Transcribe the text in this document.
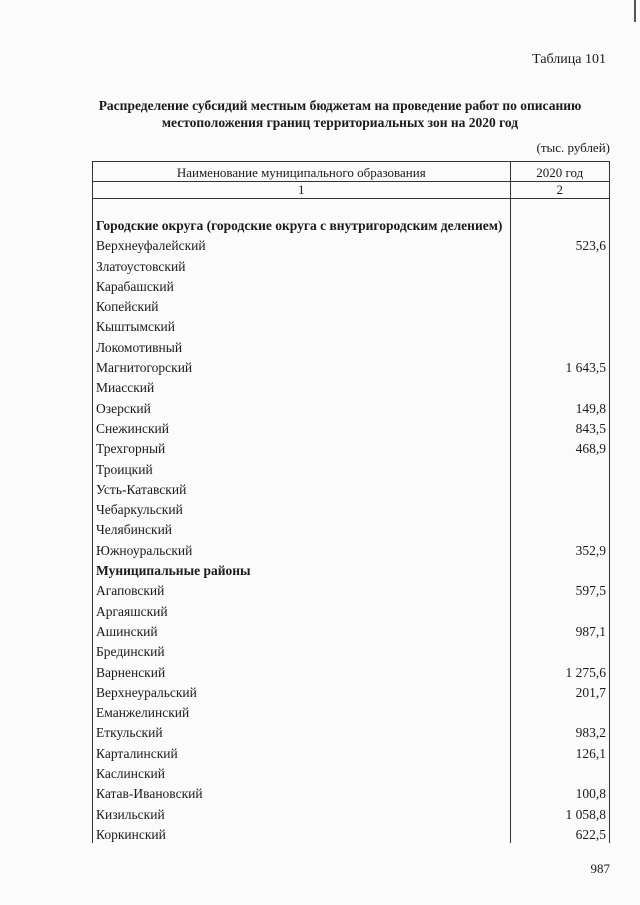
Таблица 101
Распределение субсидий местным бюджетам на проведение работ по описанию
местоположения границ территориальных зон на 2020 год
(тыс. рублей)
Наименование муниципального образования	2020 год
1	2
Городские округа (городские округа с внутригородским делением)	
Верхнеуфалейский	523,6
Златоустовский	
Карабашский	
Копейский	
Кыштымский	
Локомотивный	
Магнитогорский	1 643,5
Миасский	
Озерский	149,8
Снежинский	843,5
Трехгорный	468,9
Троицкий	
Усть-Катавский	
Чебаркульский	
Челябинский	
Южноуральский	352,9
Муниципальные районы	
Агаповский	597,5
Аргаяшский	
Ашинский	987,1
Брединский	
Варненский	1 275,6
Верхнеуральский	201,7
Еманжелинский	
Еткульский	983,2
Карталинский	126,1
Каслинский	
Катав-Ивановский	100,8
Кизильский	1 058,8
Коркинский	622,5
987
